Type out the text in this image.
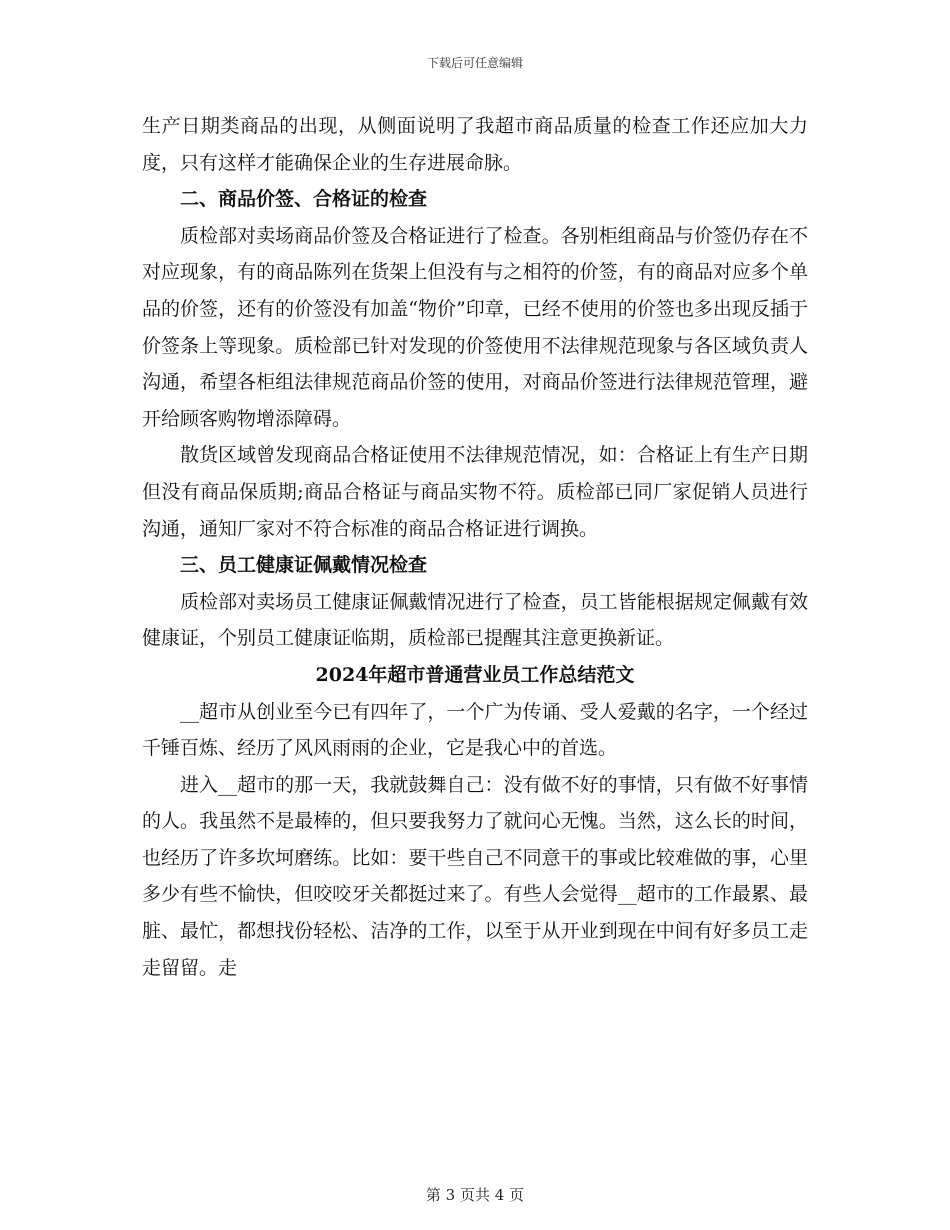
下载后可任意编辑

生产日期类商品的出现，从侧面说明了我超市商品质量的检查工作还应加大力度，只有这样才能确保企业的生存进展命脉。

二、商品价签、合格证的检查

质检部对卖场商品价签及合格证进行了检查。各别柜组商品与价签仍存在不对应现象，有的商品陈列在货架上但没有与之相符的价签，有的商品对应多个单品的价签，还有的价签没有加盖“物价”印章，已经不使用的价签也多出现反插于价签条上等现象。质检部已针对发现的价签使用不法律规范现象与各区域负责人沟通，希望各柜组法律规范商品价签的使用，对商品价签进行法律规范管理，避开给顾客购物增添障碍。

散货区域曾发现商品合格证使用不法律规范情况，如：合格证上有生产日期但没有商品保质期;商品合格证与商品实物不符。质检部已同厂家促销人员进行沟通，通知厂家对不符合标准的商品合格证进行调换。

三、员工健康证佩戴情况检查

质检部对卖场员工健康证佩戴情况进行了检查，员工皆能根据规定佩戴有效健康证，个别员工健康证临期，质检部已提醒其注意更换新证。

2024年超市普通营业员工作总结范文

__超市从创业至今已有四年了，一个广为传诵、受人爱戴的名字，一个经过千锤百炼、经历了风风雨雨的企业，它是我心中的首选。

进入__超市的那一天，我就鼓舞自己：没有做不好的事情，只有做不好事情的人。我虽然不是最棒的，但只要我努力了就问心无愧。当然，这么长的时间，也经历了许多坎坷磨练。比如：要干些自己不同意干的事或比较难做的事，心里多少有些不愉快，但咬咬牙关都挺过来了。有些人会觉得__超市的工作最累、最脏、最忙，都想找份轻松、洁净的工作，以至于从开业到现在中间有好多员工走走留留。走

第 3 页共 4 页
